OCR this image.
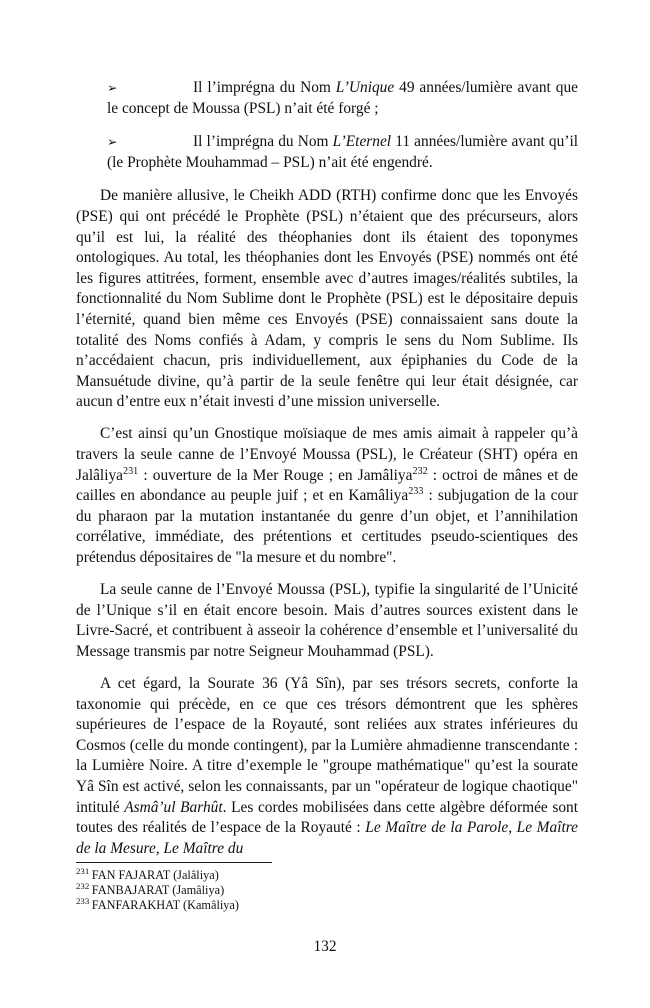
➢	Il l’imprégna du Nom L’Unique 49 années/lumière avant que le concept de Moussa (PSL) n’ait été forgé ;

➢	Il l’imprégna du Nom L’Eternel 11 années/lumière avant qu’il (le Prophète Mouhammad – PSL) n’ait été engendré.

De manière allusive, le Cheikh ADD (RTH) confirme donc que les Envoyés (PSE) qui ont précédé le Prophète (PSL) n’étaient que des précurseurs, alors qu’il est lui, la réalité des théophanies dont ils étaient des toponymes ontologiques. Au total, les théophanies dont les Envoyés (PSE) nommés ont été les figures attitrées, forment, ensemble avec d’autres images/réalités subtiles, la fonctionnalité du Nom Sublime dont le Prophète (PSL) est le dépositaire depuis l’éternité, quand bien même ces Envoyés (PSE) connaissaient sans doute la totalité des Noms confiés à Adam, y compris le sens du Nom Sublime. Ils n’accédaient chacun, pris individuellement, aux épiphanies du Code de la Mansuétude divine, qu’à partir de la seule fenêtre qui leur était désignée, car aucun d’entre eux n’était investi d’une mission universelle.

C’est ainsi qu’un Gnostique moïsiaque de mes amis aimait à rappeler qu’à travers la seule canne de l’Envoyé Moussa (PSL), le Créateur (SHT) opéra en Jalâliya$^{231}$ : ouverture de la Mer Rouge ; en Jamâliya$^{232}$ : octroi de mânes et de cailles en abondance au peuple juif ; et en Kamâliya$^{233}$ : subjugation de la cour du pharaon par la mutation instantanée du genre d’un objet, et l’annihilation corrélative, immédiate, des prétentions et certitudes pseudo-scientiques des prétendus dépositaires de "la mesure et du nombre".

La seule canne de l’Envoyé Moussa (PSL), typifie la singularité de l’Unicité de l’Unique s’il en était encore besoin. Mais d’autres sources existent dans le Livre-Sacré, et contribuent à asseoir la cohérence d’ensemble et l’universalité du Message transmis par notre Seigneur Mouhammad (PSL).

A cet égard, la Sourate 36 (Yâ Sîn), par ses trésors secrets, conforte la taxonomie qui précède, en ce que ces trésors démontrent que les sphères supérieures de l’espace de la Royauté, sont reliées aux strates inférieures du Cosmos (celle du monde contingent), par la Lumière ahmadienne transcendante : la Lumière Noire. A titre d’exemple le "groupe mathématique" qu’est la sourate Yâ Sîn est activé, selon les connaissants, par un "opérateur de logique chaotique" intitulé Asmâ’ul Barhût. Les cordes mobilisées dans cette algèbre déformée sont toutes des réalités de l’espace de la Royauté : Le Maître de la Parole, Le Maître de la Mesure, Le Maître du

$^{231}$ FAN FAJARAT (Jalâliya)

$^{232}$ FANBAJARAT (Jamâliya)

$^{233}$ FANFARAKHAT (Kamâliya)

132
